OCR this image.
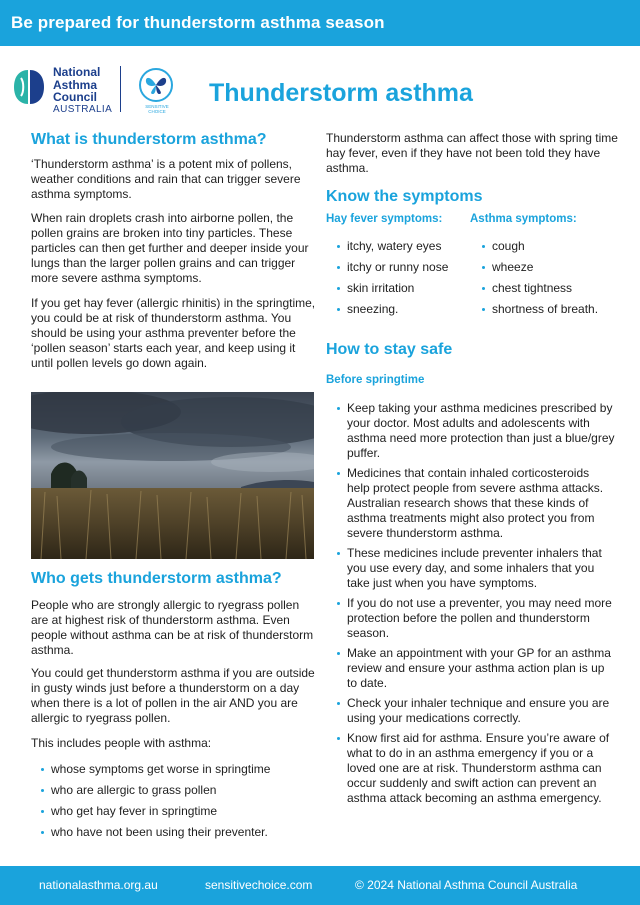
Be prepared for thunderstorm asthma season
National
Asthma
Council
AUSTRALIA	SENSITIVE
CHOICE
Thunderstorm asthma
What is thunderstorm asthma?
‘Thunderstorm asthma’ is a potent mix of pollens, weather conditions and rain that can trigger severe asthma symptoms.
When rain droplets crash into airborne pollen, the pollen grains are broken into tiny particles. These particles can then get further and deeper inside your lungs than the larger pollen grains and can trigger more severe asthma symptoms.
If you get hay fever (allergic rhinitis) in the springtime, you could be at risk of thunderstorm asthma. You should be using your asthma preventer before the ‘pollen season’ starts each year, and keep using it until pollen levels go down again.
Who gets thunderstorm asthma?
People who are strongly allergic to ryegrass pollen are at highest risk of thunderstorm asthma. Even people without asthma can be at risk of thunderstorm asthma.
You could get thunderstorm asthma if you are outside in gusty winds just before a thunderstorm on a day when there is a lot of pollen in the air AND you are allergic to ryegrass pollen.
This includes people with asthma:
whose symptoms get worse in springtime
who are allergic to grass pollen
who get hay fever in springtime
who have not been using their preventer.
Thunderstorm asthma can affect those with spring time hay fever, even if they have not been told they have asthma.
Know the symptoms
Hay fever symptoms: Asthma symptoms:
itchy, watery eyes
itchy or runny nose
skin irritation
sneezing.
cough
wheeze
chest tightness
shortness of breath.
How to stay safe
Before springtime
Keep taking your asthma medicines prescribed by your doctor. Most adults and adolescents with asthma need more protection than just a blue/grey puffer.
Medicines that contain inhaled corticosteroids help protect people from severe asthma attacks. Australian research shows that these kinds of asthma treatments might also protect you from severe thunderstorm asthma.
These medicines include preventer inhalers that you use every day, and some inhalers that you take just when you have symptoms.
If you do not use a preventer, you may need more protection before the pollen and thunderstorm season.
Make an appointment with your GP for an asthma review and ensure your asthma action plan is up to date.
Check your inhaler technique and ensure you are using your medications correctly.
Know first aid for asthma. Ensure you’re aware of what to do in an asthma emergency if you or a loved one are at risk. Thunderstorm asthma can occur suddenly and swift action can prevent an asthma attack becoming an asthma emergency.
nationalasthma.org.au	sensitivechoice.com	© 2024 National Asthma Council Australia
